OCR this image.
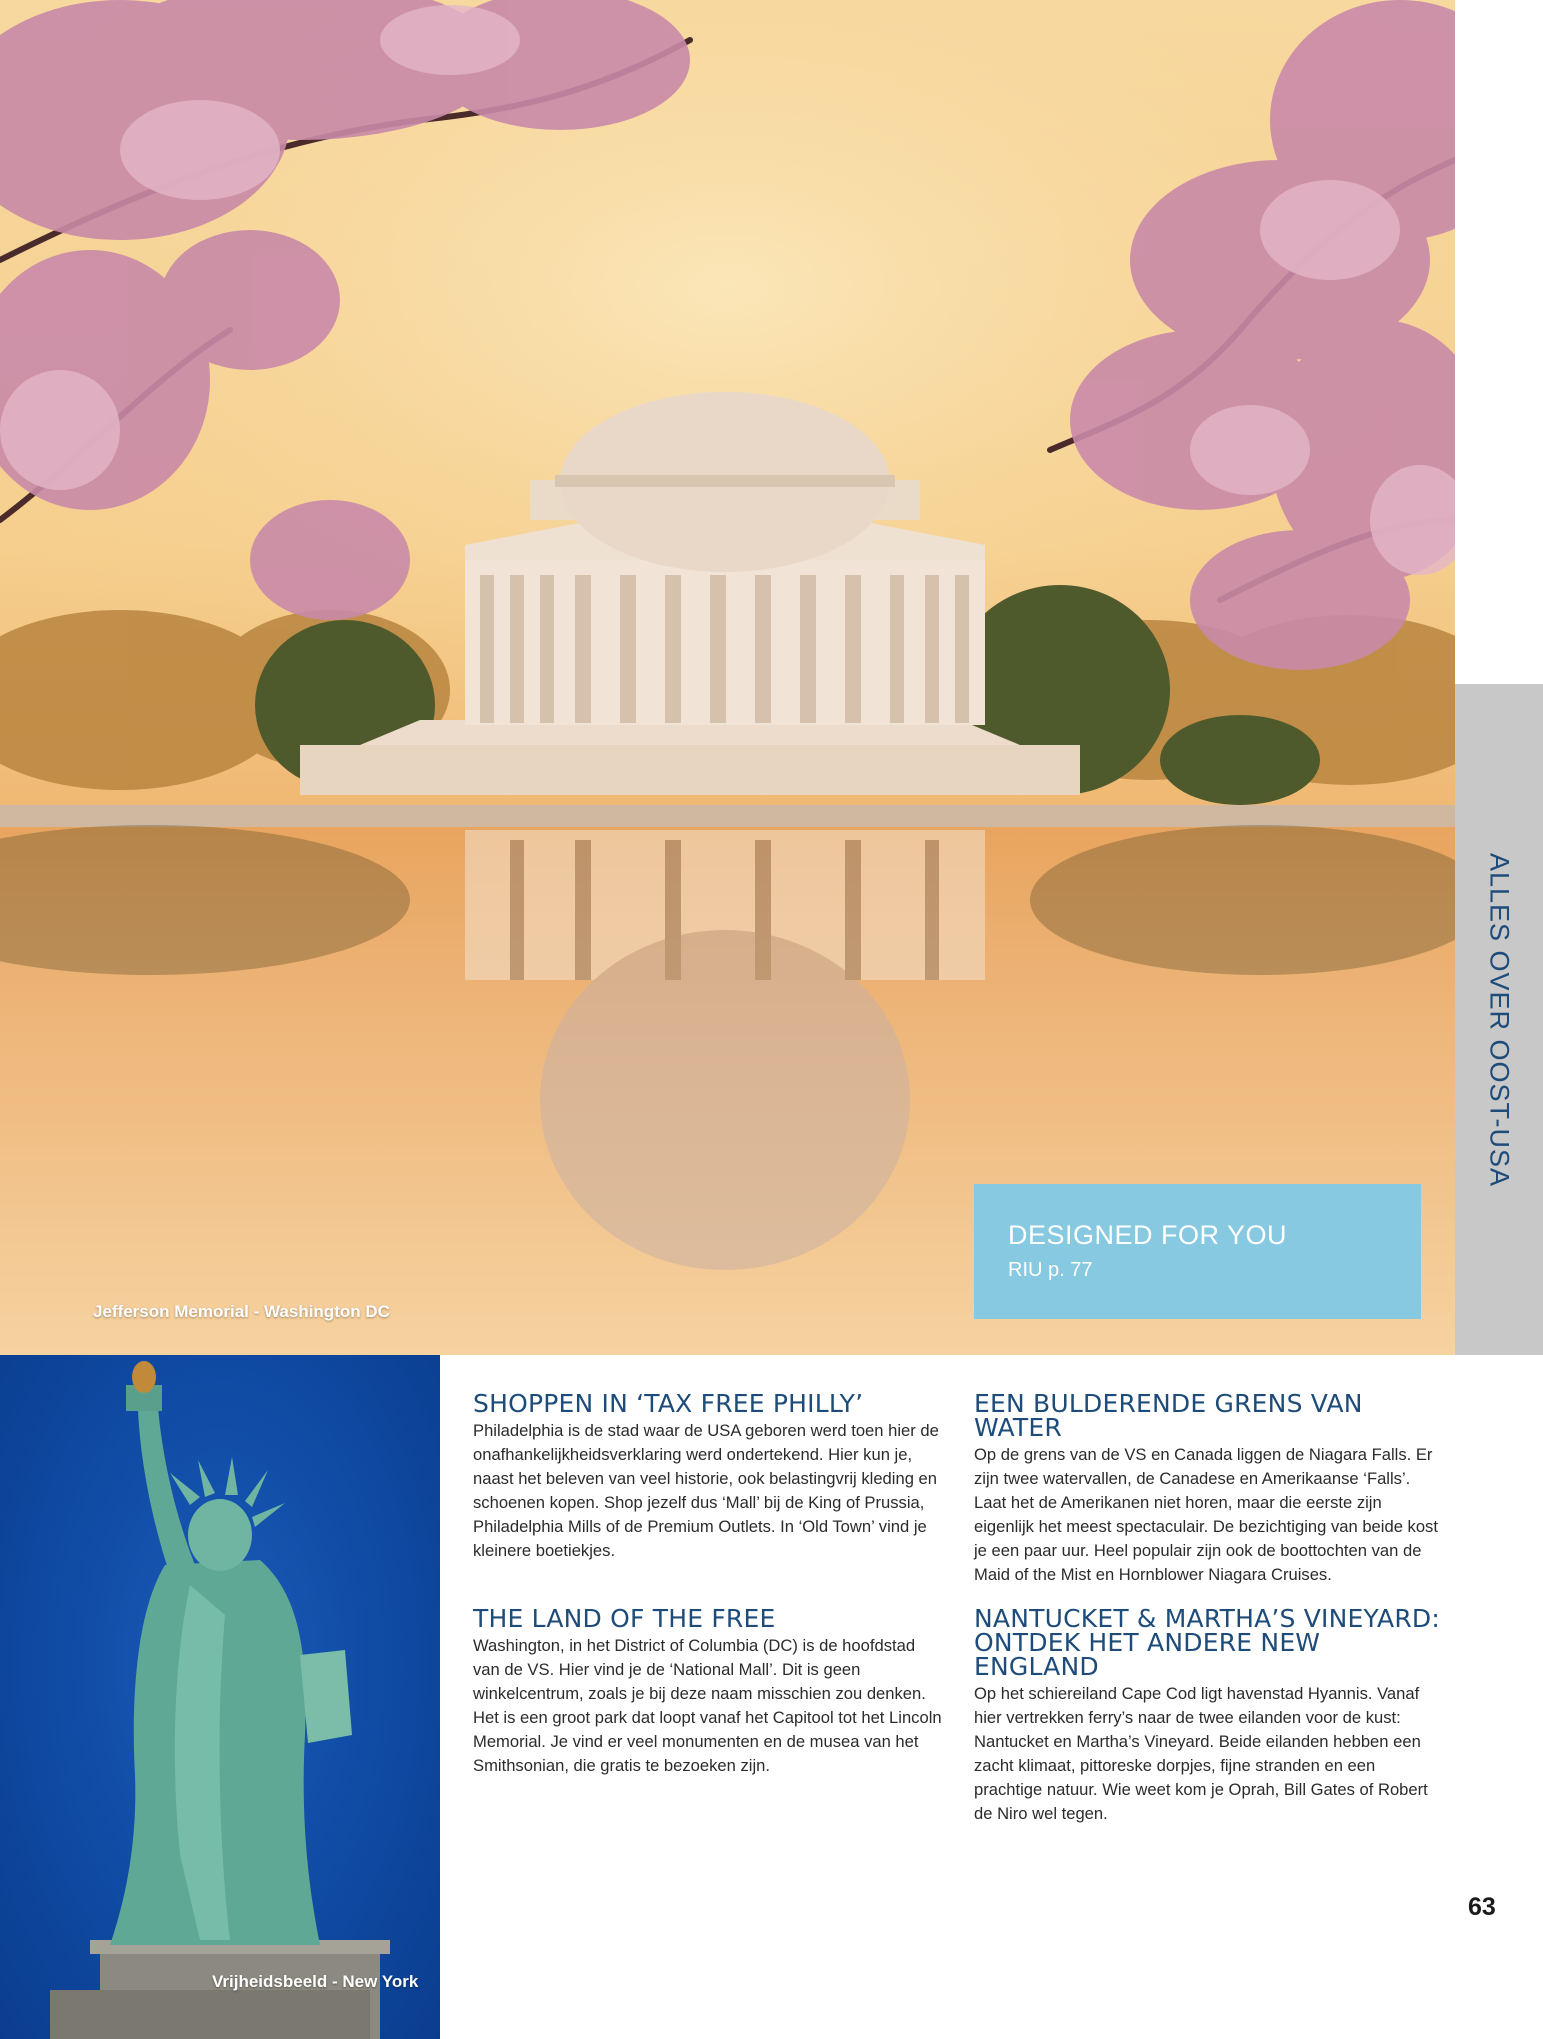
Jefferson Memorial - Washington DC
ALLES OVER OOST-USA
DESIGNED FOR YOU
RIU p. 77
Vrijheidsbeeld - New York
SHOPPEN IN ‘TAX FREE PHILLY’

Philadelphia is de stad waar de USA geboren werd toen hier de onafhankelijkheidsverklaring werd ondertekend. Hier kun je, naast het beleven van veel historie, ook belastingvrij kleding en schoenen kopen. Shop jezelf dus ‘Mall’ bij de King of Prussia, Philadelphia Mills of de Premium Outlets. In ‘Old Town’ vind je kleinere boetiekjes.

EEN BULDERENDE GRENS VAN WATER

Op de grens van de VS en Canada liggen de Niagara Falls. Er zijn twee watervallen, de Canadese en Amerikaanse ‘Falls’. Laat het de Amerikanen niet horen, maar die eerste zijn eigenlijk het meest spectaculair. De bezichtiging van beide kost je een paar uur. Heel populair zijn ook de boottochten van de Maid of the Mist en Hornblower Niagara Cruises.

THE LAND OF THE FREE

Washington, in het District of Columbia (DC) is de hoofdstad van de VS. Hier vind je de ‘National Mall’. Dit is geen winkelcentrum, zoals je bij deze naam misschien zou denken. Het is een groot park dat loopt vanaf het Capitool tot het Lincoln Memorial. Je vind er veel monumenten en de musea van het Smithsonian, die gratis te bezoeken zijn.

NANTUCKET & MARTHA’S VINEYARD: ONTDEK HET ANDERE NEW ENGLAND

Op het schiereiland Cape Cod ligt havenstad Hyannis. Vanaf hier vertrekken ferry’s naar de twee eilanden voor de kust: Nantucket en Martha’s Vineyard. Beide eilanden hebben een zacht klimaat, pittoreske dorpjes, fijne stranden en een prachtige natuur. Wie weet kom je Oprah, Bill Gates of Robert de Niro wel tegen.

63
